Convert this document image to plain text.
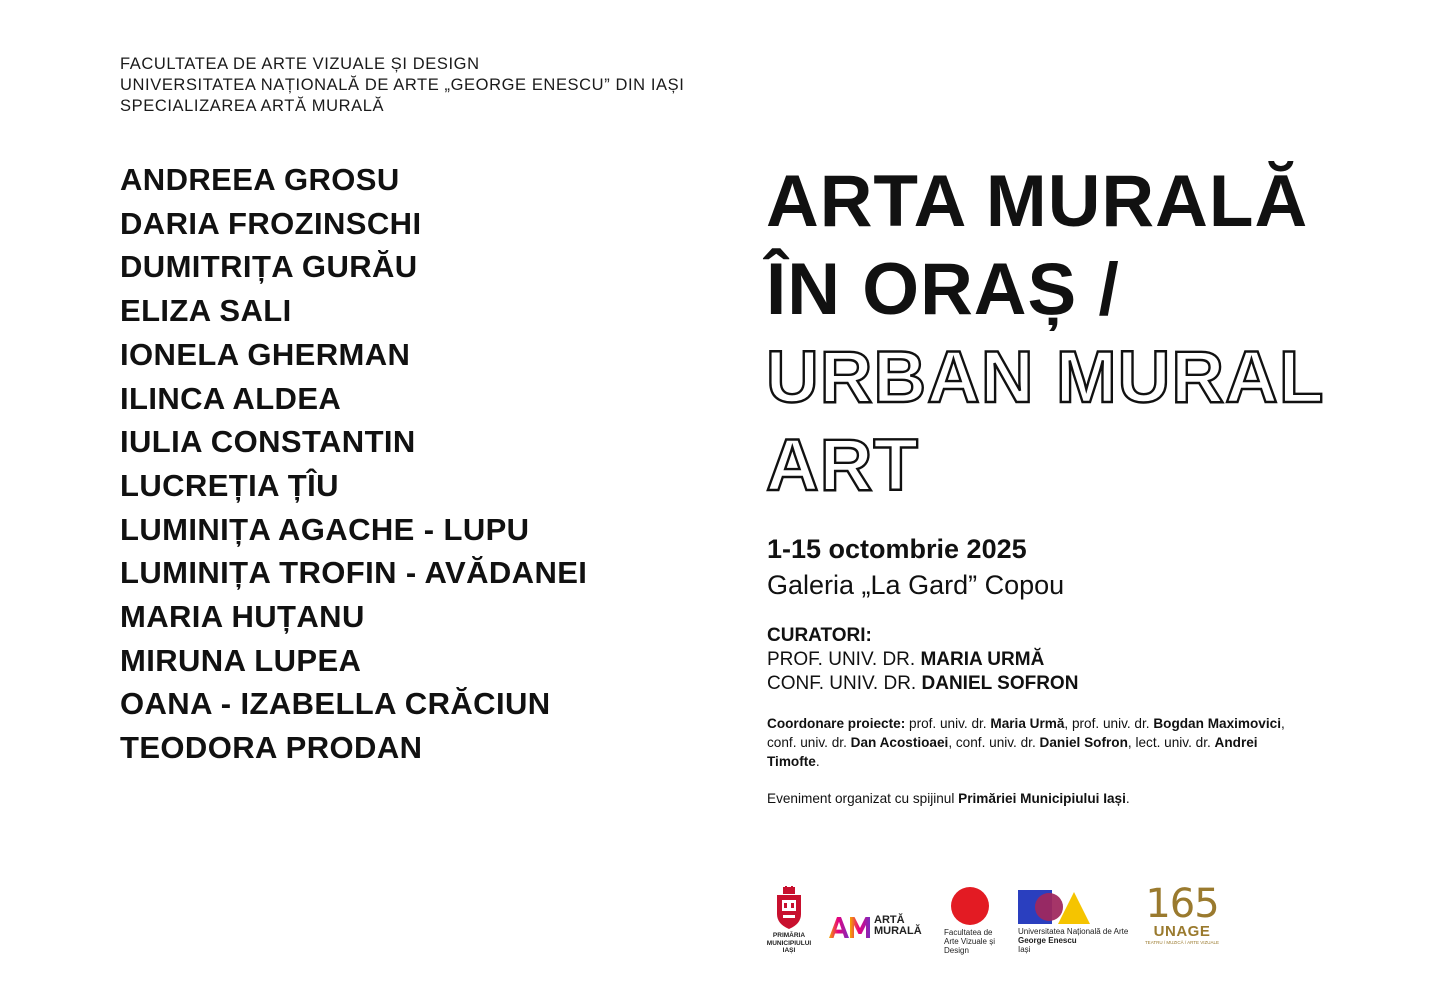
FACULTATEA DE ARTE VIZUALE ȘI DESIGN
UNIVERSITATEA NAȚIONALĂ DE ARTE „GEORGE ENESCU” DIN IAȘI
SPECIALIZAREA ARTĂ MURALĂ
ANDREEA GROSU
DARIA FROZINSCHI
DUMITRIȚA GURĂU
ELIZA SALI
IONELA GHERMAN
ILINCA ALDEA
IULIA CONSTANTIN
LUCREȚIA ȚÎU
LUMINIȚA AGACHE - LUPU
LUMINIȚA TROFIN - AVĂDANEI
MARIA HUȚANU
MIRUNA LUPEA
OANA - IZABELLA CRĂCIUN
TEODORA PRODAN
ARTA MURALĂ
ÎN ORAȘ /
URBAN MURAL
ART
1-15 octombrie 2025
Galeria „La Gard” Copou
CURATORI:
PROF. UNIV. DR. MARIA URMĂ
CONF. UNIV. DR. DANIEL SOFRON
Coordonare proiecte: prof. univ. dr. Maria Urmă, prof. univ. dr. Bogdan Maximovici, conf. univ. dr. Dan Acostioaei, conf. univ. dr. Daniel Sofron, lect. univ. dr. Andrei Timofte.
Eveniment organizat cu spijinul Primăriei Municipiului Iași.
PRIMĂRIA
MUNICIPIULUI
IAȘI
ARTĂ
MURALĂ	Facultatea de
Arte Vizuale și
Design
Universitatea Națională de Arte
George Enescu
Iași
165
UNAGE
TEATRU / MUZICĂ / ARTE VIZUALE
